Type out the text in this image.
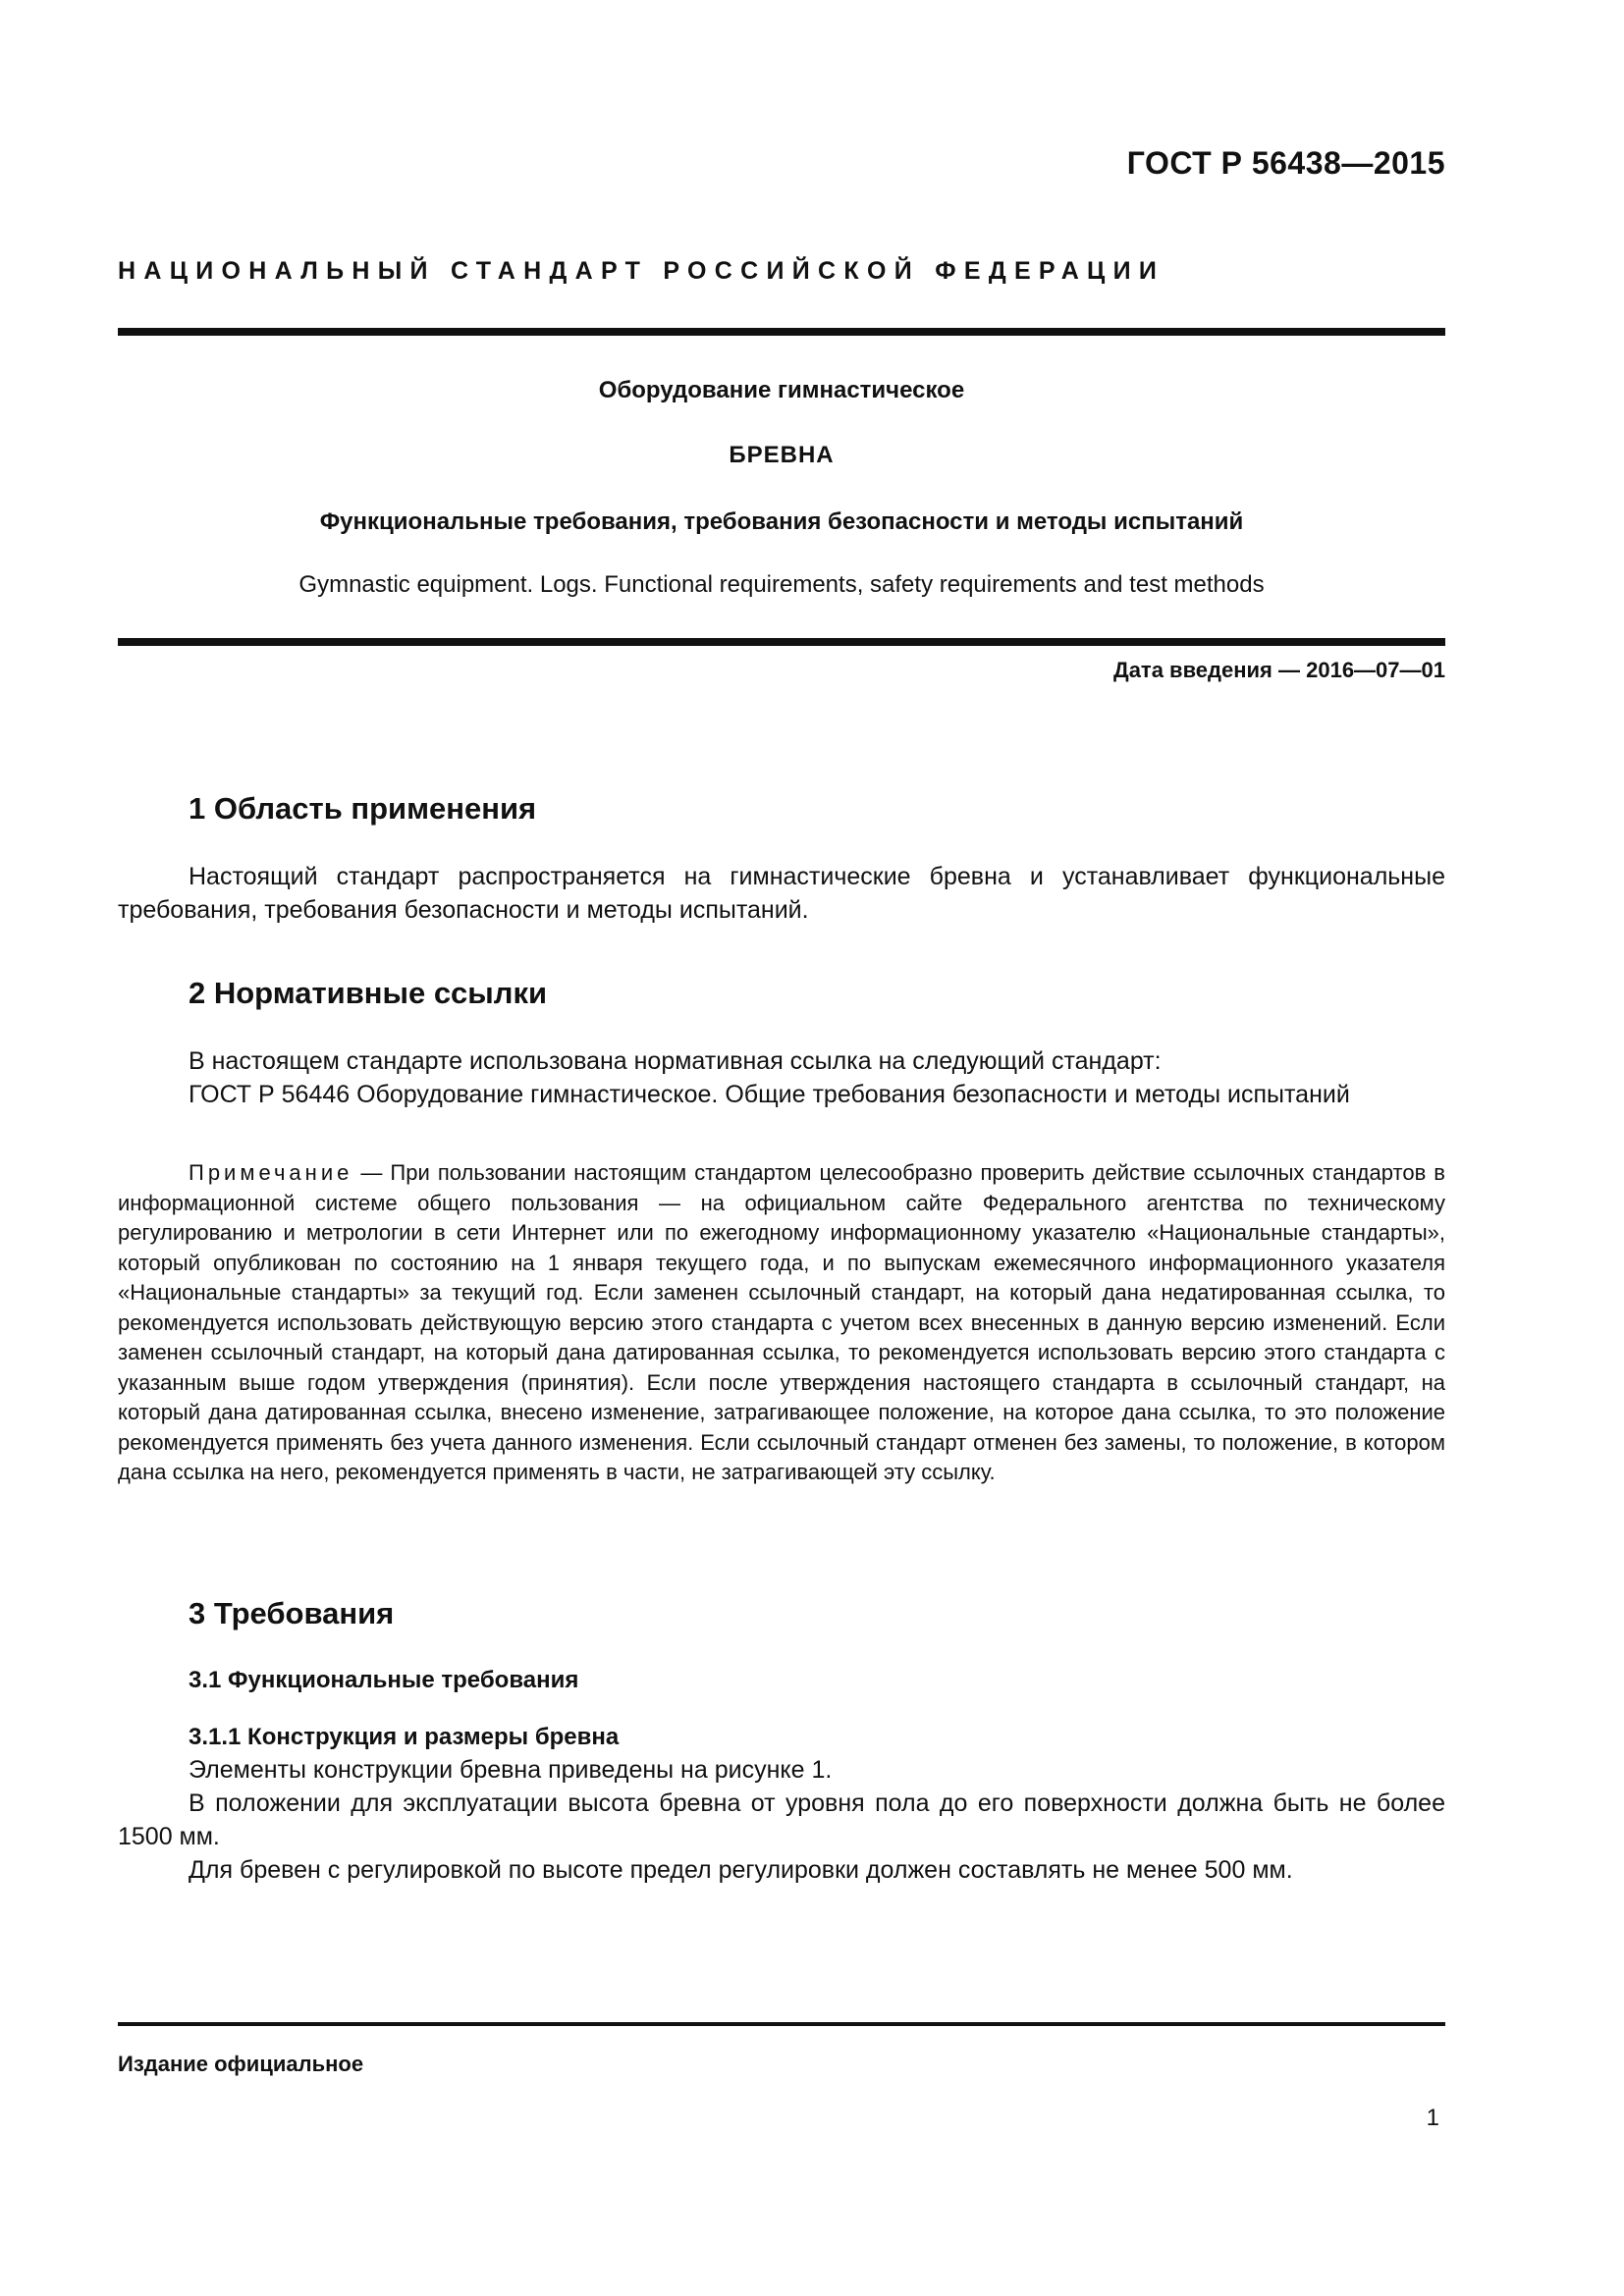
ГОСТ Р 56438—2015
НАЦИОНАЛЬНЫЙ СТАНДАРТ РОССИЙСКОЙ ФЕДЕРАЦИИ
Оборудование гимнастическое
БРЕВНА
Функциональные требования, требования безопасности и методы испытаний
Gymnastic equipment. Logs. Functional requirements, safety requirements and test methods
Дата введения — 2016—07—01
1 Область применения

Настоящий стандарт распространяется на гимнастические бревна и устанавливает функциональные требования, требования безопасности и методы испытаний.

2 Нормативные ссылки

В настоящем стандарте использована нормативная ссылка на следующий стандарт:

ГОСТ Р 56446 Оборудование гимнастическое. Общие требования безопасности и методы испытаний

Примечание — При пользовании настоящим стандартом целесообразно проверить действие ссылочных стандартов в информационной системе общего пользования — на официальном сайте Федерального агентства по техническому регулированию и метрологии в сети Интернет или по ежегодному информационному указателю «Национальные стандарты», который опубликован по состоянию на 1 января текущего года, и по выпускам ежемесячного информационного указателя «Национальные стандарты» за текущий год. Если заменен ссылочный стандарт, на который дана недатированная ссылка, то рекомендуется использовать действующую версию этого стандарта с учетом всех внесенных в данную версию изменений. Если заменен ссылочный стандарт, на который дана датированная ссылка, то рекомендуется использовать версию этого стандарта с указанным выше годом утверждения (принятия). Если после утверждения настоящего стандарта в ссылочный стандарт, на который дана датированная ссылка, внесено изменение, затрагивающее положение, на которое дана ссылка, то это положение рекомендуется применять без учета данного изменения. Если ссылочный стандарт отменен без замены, то положение, в котором дана ссылка на него, рекомендуется применять в части, не затрагивающей эту ссылку.

3 Требования
3.1 Функциональные требования
3.1.1 Конструкция и размеры бревна

Элементы конструкции бревна приведены на рисунке 1.

В положении для эксплуатации высота бревна от уровня пола до его поверхности должна быть не более 1500 мм.

Для бревен с регулировкой по высоте предел регулировки должен составлять не менее 500 мм.

Издание официальное
1
